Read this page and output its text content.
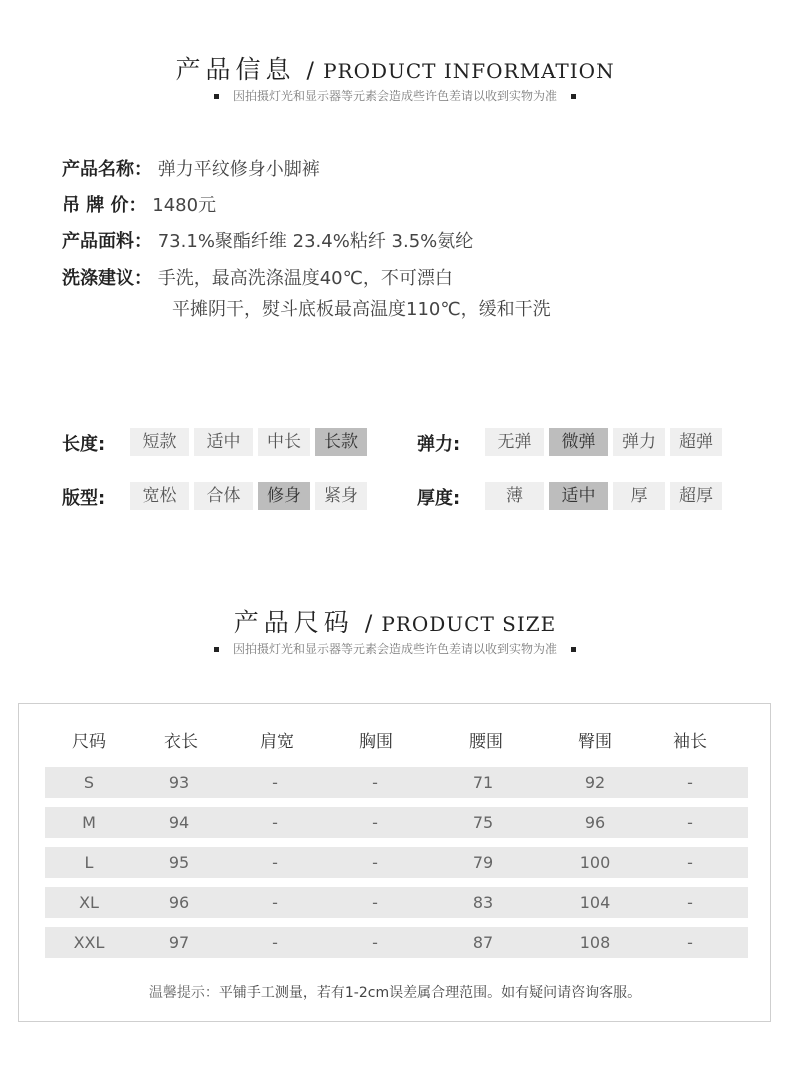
产品信息 / PRODUCT INFORMATION
因拍摄灯光和显示器等元素会造成些许色差请以收到实物为准
产品名称： 弹力平纹修身小脚裤
吊 牌 价： 1480元
产品面料： 73.1%聚酯纤维 23.4%粘纤 3.5%氨纶
洗涤建议： 手洗，最高洗涤温度40℃，不可漂白
平摊阴干，熨斗底板最高温度110℃，缓和干洗
长度:	短款	适中	中长	长款	弹力:	无弹	微弹	弹力	超弹
版型:	宽松	合体	修身	紧身	厚度:	薄	适中	厚	超厚
产品尺码 / PRODUCT SIZE
因拍摄灯光和显示器等元素会造成些许色差请以收到实物为准
尺码	衣长	肩宽	胸围	腰围	臀围	袖长
S	93	-	-	71	92	-
M	94	-	-	75	96	-
L	95	-	-	79	100	-
XL	96	-	-	83	104	-
XXL	97	-	-	87	108	-
温馨提示：平铺手工测量，若有1-2cm误差属合理范围。如有疑问请咨询客服。
